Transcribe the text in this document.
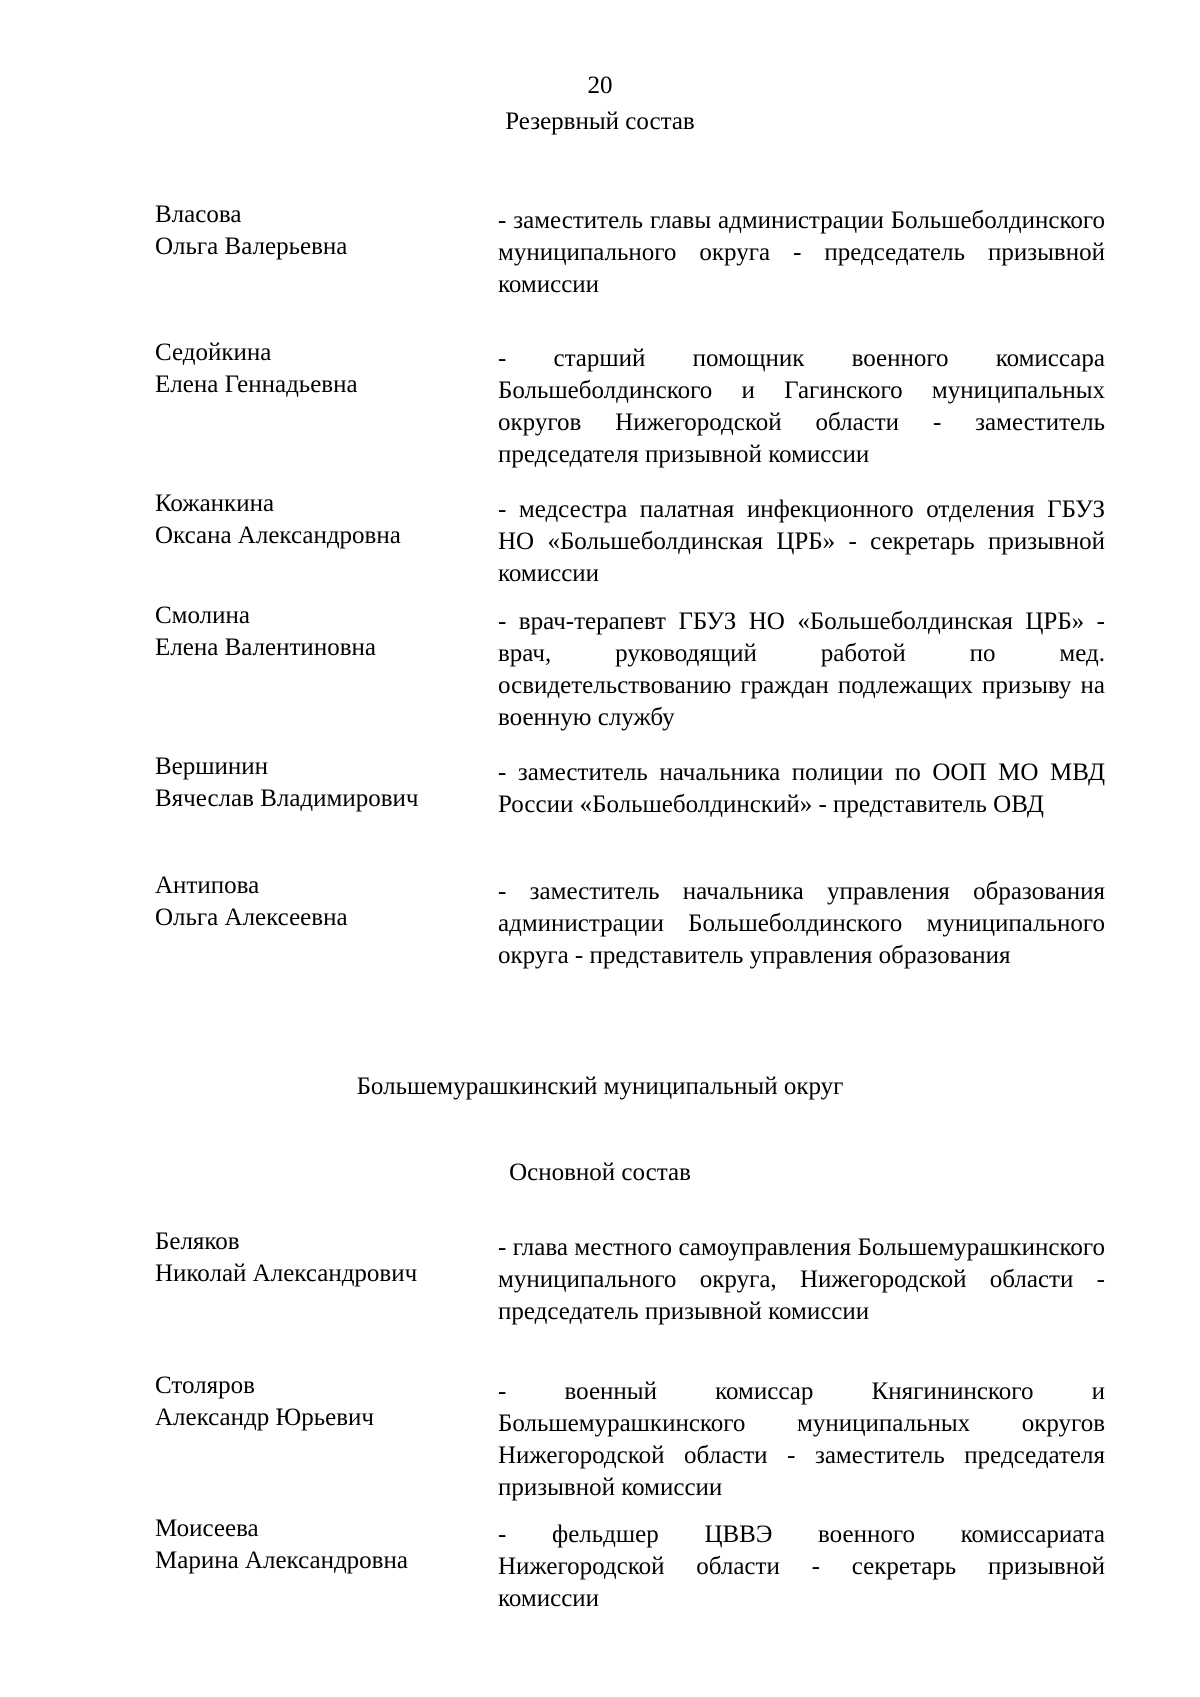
20
Резервный состав
Власова
Ольга Валерьевна
- заместитель главы администрации Большеболдинского муниципального округа - председатель призывной комиссии
Седойкина
Елена Геннадьевна
- старший помощник военного комиссара Большеболдинского и Гагинского муниципальных округов Нижегородской области - заместитель председателя призывной комиссии
Кожанкина
Оксана Александровна
- медсестра палатная инфекционного отделения ГБУЗ НО «Большеболдинская ЦРБ» - секретарь призывной комиссии
Смолина
Елена Валентиновна
- врач-терапевт ГБУЗ НО «Большеболдинская ЦРБ» - врач, руководящий работой по мед. освидетельствованию граждан подлежащих призыву на военную службу
Вершинин
Вячеслав Владимирович
- заместитель начальника полиции по ООП МО МВД России «Большеболдинский» - представитель ОВД
Антипова
Ольга Алексеевна
- заместитель начальника управления образования администрации Большеболдинского муниципального округа - представитель управления образования
Большемурашкинский муниципальный округ
Основной состав
Беляков
Николай Александрович
- глава местного самоуправления Большемурашкинского муниципального округа, Нижегородской области - председатель призывной комиссии
Столяров
Александр Юрьевич
- военный комиссар Княгининского и Большемурашкинского муниципальных округов Нижегородской области - заместитель председателя призывной комиссии
Моисеева
Марина Александровна
- фельдшер ЦВВЭ военного комиссариата Нижегородской области - секретарь призывной комиссии
